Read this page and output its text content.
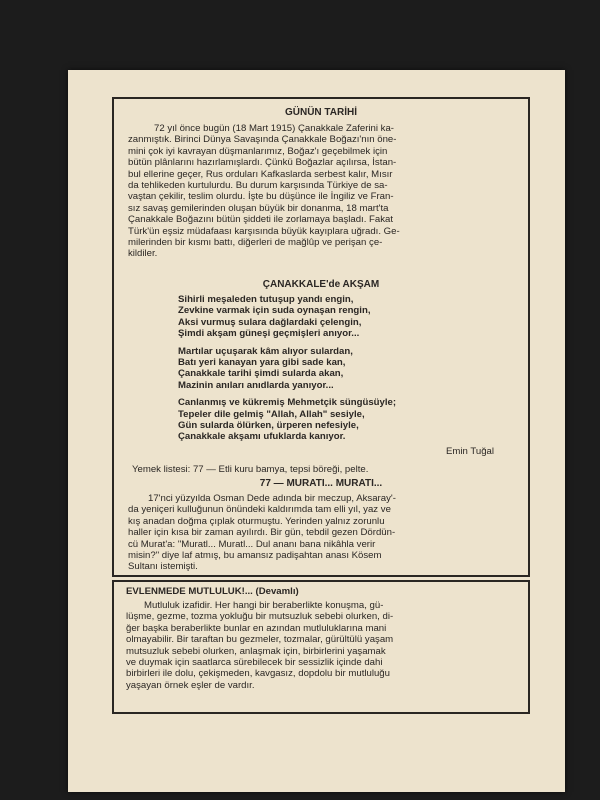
GÜNÜN TARİHİ
72 yıl önce bugün (18 Mart 1915) Çanakkale Zaferini ka-
zanmıştık. Birinci Dünya Savaşında Çanakkale Boğazı'nın öne-
mini çok iyi kavrayan düşmanlarımız, Boğaz'ı geçebilmek için
bütün plânlarını hazırlamışlardı. Çünkü Boğazlar açılırsa, İstan-
bul ellerine geçer, Rus orduları Kafkaslarda serbest kalır, Mısır
da tehlikeden kurtulurdu. Bu durum karşısında Türkiye de sa-
vaştan çekilir, teslim olurdu. İşte bu düşünce ile İngiliz ve Fran-
sız savaş gemilerinden oluşan büyük bir donanma, 18 mart'ta
Çanakkale Boğazını bütün şiddeti ile zorlamaya başladı. Fakat
Türk'ün eşsiz müdafaası karşısında büyük kayıplara uğradı. Ge-
milerinden bir kısmı battı, diğerleri de mağlûp ve perişan çe-
kildiler.
ÇANAKKALE'de AKŞAM
Sihirli meşaleden tutuşup yandı engin,
Zevkine varmak için suda oynaşan rengin,
Aksi vurmuş sulara dağlardaki çelengin,
Şimdi akşam güneşi geçmişleri anıyor...
Martılar uçuşarak kâm alıyor sulardan,
Batı yeri kanayan yara gibi sade kan,
Çanakkale tarihi şimdi sularda akan,
Mazinin anıları anıdlarda yanıyor...
Canlanmış ve kükremiş Mehmetçik süngüsüyle;
Tepeler dile gelmiş "Allah, Allah" sesiyle,
Gün sularda ölürken, ürperen nefesiyle,
Çanakkale akşamı ufuklarda kanıyor.
Emin Tuğal
Yemek listesi: 77 — Etli kuru bamya, tepsi böreği, pelte.
77 — MURATI... MURATI...
17'nci yüzyılda Osman Dede adında bir meczup, Aksaray'-
da yeniçeri kulluğunun önündeki kaldırımda tam elli yıl, yaz ve
kış anadan doğma çıplak oturmuştu. Yerinden yalnız zorunlu
haller için kısa bir zaman ayılırdı. Bir gün, tebdil gezen Dördün-
cü Murat'a: "Muratl... Muratl... Dul ananı bana nikâhla verir
misin?" diye laf atmış, bu amansız padişahtan anası Kösem
Sultanı istemişti.
EVLENMEDE MUTLULUK!... (Devamlı)
Mutluluk izafidir. Her hangi bir beraberlikte konuşma, gü-
lüşme, gezme, tozma yokluğu bir mutsuzluk sebebi olurken, di-
ğer başka beraberlikte bunlar en azından mutluluklarına mani
olmayabilir. Bir taraftan bu gezmeler, tozmalar, gürültülü yaşam
mutsuzluk sebebi olurken, anlaşmak için, birbirlerini yaşamak
ve duymak için saatlarca sürebilecek bir sessizlik içinde dahi
birbirleri ile dolu, çekişmeden, kavgasız, dopdolu bir mutluluğu
yaşayan örnek eşler de vardır.
